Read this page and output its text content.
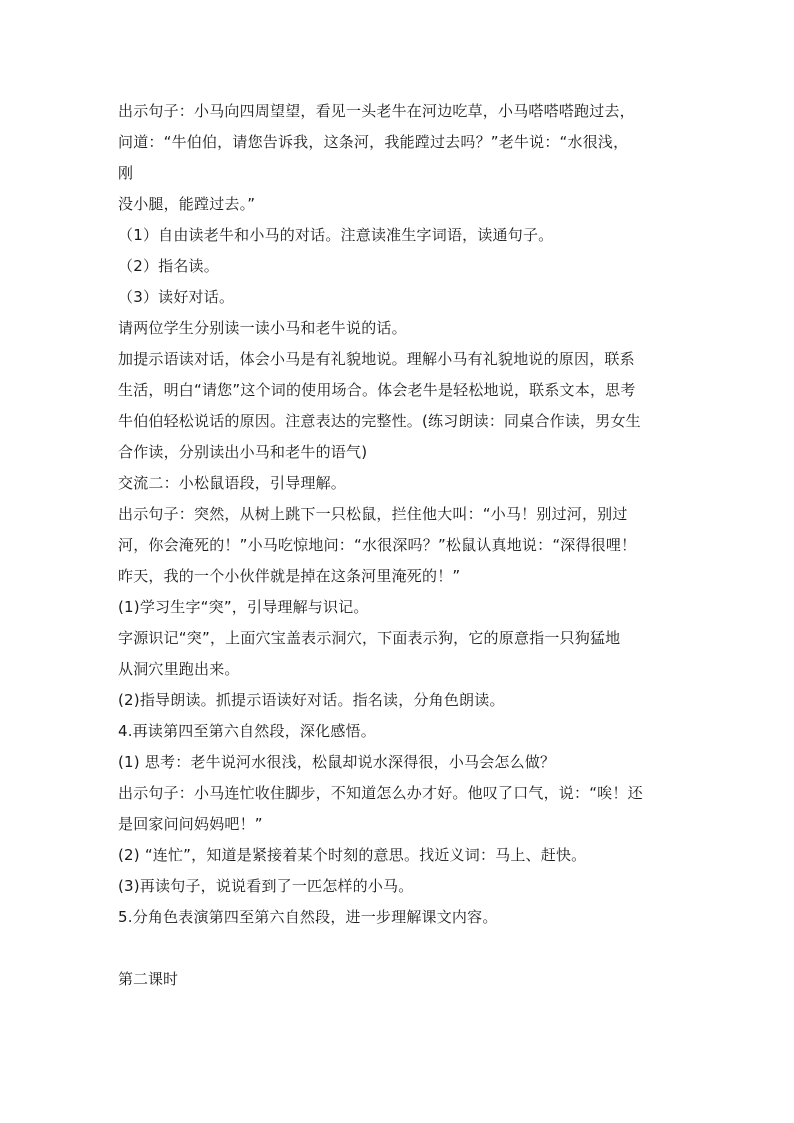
出示句子：小马向四周望望，看见一头老牛在河边吃草，小马嗒嗒嗒跑过去，
问道：“牛伯伯，请您告诉我，这条河，我能蹚过去吗？”老牛说：“水很浅，
刚
没小腿，能蹚过去。”
（1）自由读老牛和小马的对话。注意读准生字词语，读通句子。
（2）指名读。
（3）读好对话。
请两位学生分别读一读小马和老牛说的话。
加提示语读对话，体会小马是有礼貌地说。理解小马有礼貌地说的原因，联系
生活，明白“请您”这个词的使用场合。体会老牛是轻松地说，联系文本，思考
牛伯伯轻松说话的原因。注意表达的完整性。(练习朗读：同桌合作读，男女生
合作读，分别读出小马和老牛的语气)
交流二：小松鼠语段，引导理解。
出示句子：突然，从树上跳下一只松鼠，拦住他大叫：“小马！别过河，别过
河，你会淹死的！”小马吃惊地问：“水很深吗？”松鼠认真地说：“深得很哩！
昨天，我的一个小伙伴就是掉在这条河里淹死的！”
(1)学习生字“突”，引导理解与识记。
字源识记“突”，上面穴宝盖表示洞穴，下面表示狗，它的原意指一只狗猛地
从洞穴里跑出来。
(2)指导朗读。抓提示语读好对话。指名读，分角色朗读。
4.再读第四至第六自然段，深化感悟。
(1) 思考：老牛说河水很浅，松鼠却说水深得很，小马会怎么做？
出示句子：小马连忙收住脚步，不知道怎么办才好。他叹了口气，说：“唉！还
是回家问问妈妈吧！”
(2) “连忙”，知道是紧接着某个时刻的意思。找近义词：马上、赶快。
(3)再读句子，说说看到了一匹怎样的小马。
5.分角色表演第四至第六自然段，进一步理解课文内容。
第二课时
